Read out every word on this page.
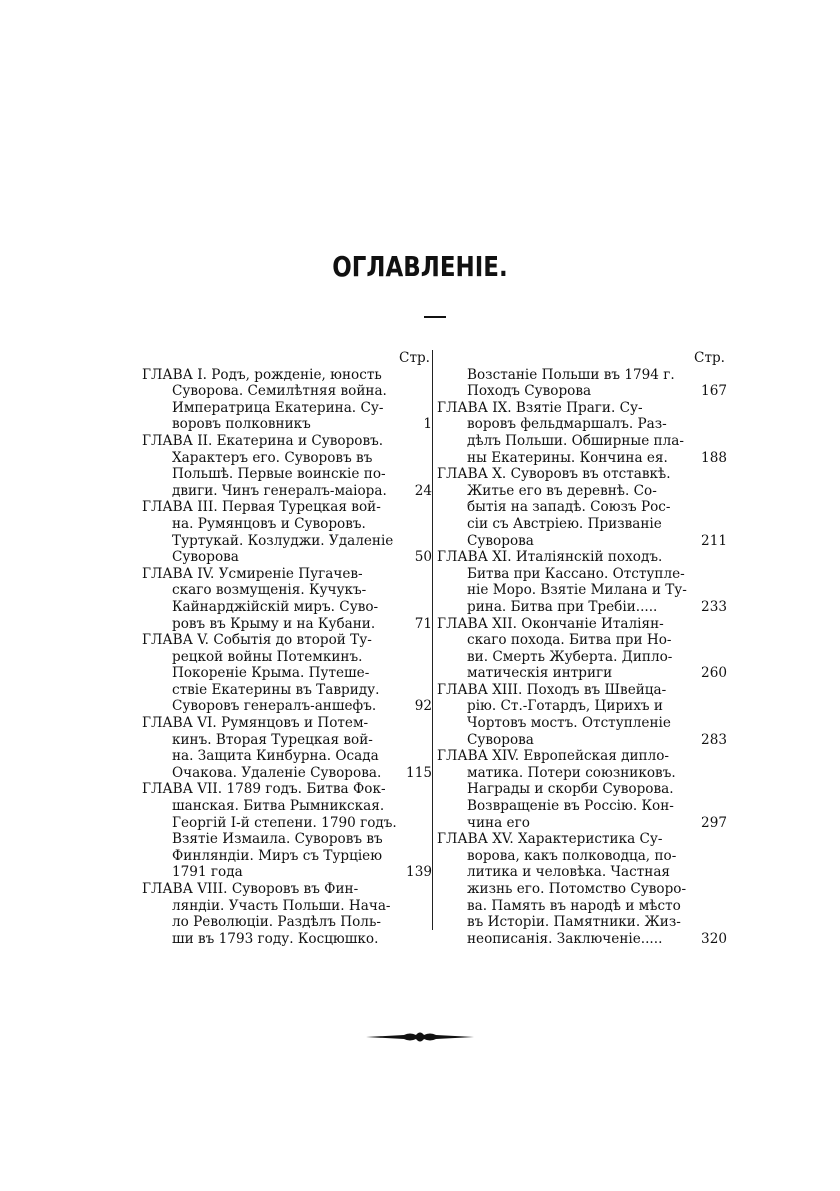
ОГЛАВЛЕНІЕ.
Стр.
ГЛАВА I. Родъ, рожденіе, юность
Суворова. Семилѣтняя война.
Императрица Екатерина. Су-
воровъ полковникъ	1
ГЛАВА II. Екатерина и Суворовъ.
Характеръ его. Суворовъ въ
Польшѣ. Первые воинскіе по-
двиги. Чинъ генералъ-маіора.	24
ГЛАВА III. Первая Турецкая вой-
на. Румянцовъ и Суворовъ.
Туртукай. Козлуджи. Удаленіе
Суворова	50
ГЛАВА IV. Усмиреніе Пугачев-
скаго возмущенія. Кучукъ-
Кайнарджійскій миръ. Суво-
ровъ въ Крыму и на Кубани.	71
ГЛАВА V. Событія до второй Ту-
рецкой войны Потемкинъ.
Покореніе Крыма. Путеше-
ствіе Екатерины въ Тавриду.
Суворовъ генералъ-аншефъ.	92
ГЛАВА VI. Румянцовъ и Потем-
кинъ. Вторая Турецкая вой-
на. Защита Кинбурна. Осада
Очакова. Удаленіе Суворова.	115
ГЛАВА VII. 1789 годъ. Битва Фок-
шанская. Битва Рымникская.
Георгій I-й степени. 1790 годъ.
Взятіе Измаила. Суворовъ въ
Финляндіи. Миръ съ Турціею
1791 года	139
ГЛАВА VIII. Суворовъ въ Фин-
ляндіи. Участь Польши. Нача-
ло Революціи. Раздѣлъ Поль-
ши въ 1793 году. Косцюшко.
Стр.
Возстаніе Польши въ 1794 г.
Походъ Суворова	167
ГЛАВА IX. Взятіе Праги. Су-
воровъ фельдмаршалъ. Раз-
дѣлъ Польши. Обширные пла-
ны Екатерины. Кончина ея.	188
ГЛАВА X. Суворовъ въ отставкѣ.
Житье его въ деревнѣ. Со-
бытія на западѣ. Союзъ Рос-
сіи съ Австріею. Призваніе
Суворова	211
ГЛАВА XI. Италіянскій походъ.
Битва при Кассано. Отступле-
ніе Моро. Взятіе Милана и Ту-
рина. Битва при Требіи.....	233
ГЛАВА XII. Окончаніе Италіян-
скаго похода. Битва при Но-
ви. Смерть Жуберта. Дипло-
матическія интриги	260
ГЛАВА XIII. Походъ въ Швейца-
рію. Ст.-Готардъ, Цирихъ и
Чортовъ мостъ. Отступленіе
Суворова	283
ГЛАВА XIV. Европейская дипло-
матика. Потери союзниковъ.
Награды и скорби Суворова.
Возвращеніе въ Россію. Кон-
чина его	297
ГЛАВА XV. Характеристика Су-
ворова, какъ полководца, по-
литика и человѣка. Частная
жизнь его. Потомство Суворо-
ва. Память въ народѣ и мѣсто
въ Исторіи. Памятники. Жиз-
неописанія. Заключеніе.....	320
